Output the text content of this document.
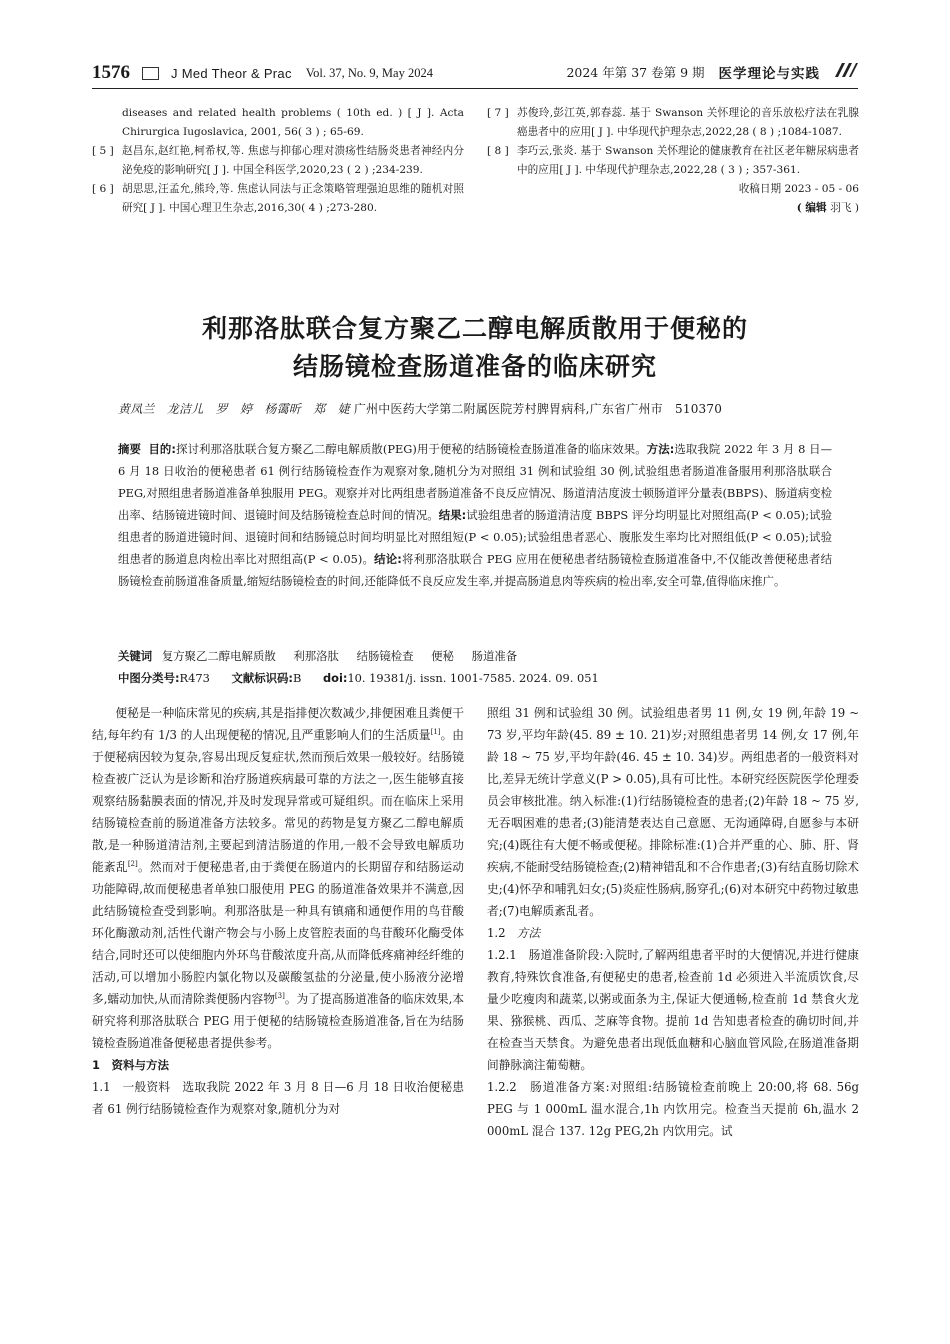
1576	J Med Theor & Prac Vol. 37, No. 9, May 2024	2024 年第 37 卷第 9 期 医学理论与实践
diseases and related health problems ( 10th ed. ) [ J ]. Acta Chirurgica Iugoslavica, 2001, 56( 3 ) ; 65-69.
[ 5 ] 赵昌东,赵红艳,柯希权,等. 焦虑与抑郁心理对溃疡性结肠炎患者神经内分泌免疫的影响研究[ J ]. 中国全科医学,2020,23 ( 2 ) ;234-239.
[ 6 ] 胡思思,汪孟允,熊玲,等. 焦虑认同法与正念策略管理强迫思维的随机对照研究[ J ]. 中国心理卫生杂志,2016,30( 4 ) ;273-280.
[ 7 ] 苏俊玲,彭江英,郭春蕊. 基于 Swanson 关怀理论的音乐放松疗法在乳腺癌患者中的应用[ J ]. 中华现代护理杂志,2022,28 ( 8 ) ;1084-1087.
[ 8 ] 李巧云,张炎. 基于 Swanson 关怀理论的健康教育在社区老年糖尿病患者中的应用[ J ]. 中华现代护理杂志,2022,28 ( 3 ) ; 357-361.
收稿日期 2023 - 05 - 06
( 编辑 羽飞 )
利那洛肽联合复方聚乙二醇电解质散用于便秘的
结肠镜检查肠道准备的临床研究
黄凤兰　龙洁儿　罗　婷　杨霭昕　郑　婕 广州中医药大学第二附属医院芳村脾胃病科,广东省广州市　510370
摘要 目的:探讨利那洛肽联合复方聚乙二醇电解质散(PEG)用于便秘的结肠镜检查肠道准备的临床效果。方法:选取我院 2022 年 3 月 8 日—6 月 18 日收治的便秘患者 61 例行结肠镜检查作为观察对象,随机分为对照组 31 例和试验组 30 例,试验组患者肠道准备服用利那洛肽联合 PEG,对照组患者肠道准备单独服用 PEG。观察并对比两组患者肠道准备不良反应情况、肠道清洁度波士顿肠道评分量表(BBPS)、肠道病变检出率、结肠镜进镜时间、退镜时间及结肠镜检查总时间的情况。结果:试验组患者的肠道清洁度 BBPS 评分均明显比对照组高(P < 0.05);试验组患者的肠道进镜时间、退镜时间和结肠镜总时间均明显比对照组短(P < 0.05);试验组患者恶心、腹胀发生率均比对照组低(P < 0.05);试验组患者的肠道息肉检出率比对照组高(P < 0.05)。结论:将利那洛肽联合 PEG 应用在便秘患者结肠镜检查肠道准备中,不仅能改善便秘患者结肠镜检查前肠道准备质量,缩短结肠镜检查的时间,还能降低不良反应发生率,并提高肠道息肉等疾病的检出率,安全可靠,值得临床推广。
关键词 复方聚乙二醇电解质散 利那洛肽 结肠镜检查 便秘 肠道准备
中图分类号:R473 文献标识码:B doi:10. 19381/j. issn. 1001-7585. 2024. 09. 051

便秘是一种临床常见的疾病,其是指排便次数减少,排便困难且粪便干结,每年约有 1/3 的人出现便秘的情况,且严重影响人们的生活质量[1]。由于便秘病因较为复杂,容易出现反复症状,然而预后效果一般较好。结肠镜检查被广泛认为是诊断和治疗肠道疾病最可靠的方法之一,医生能够直接观察结肠黏膜表面的情况,并及时发现异常或可疑组织。而在临床上采用结肠镜检查前的肠道准备方法较多。常见的药物是复方聚乙二醇电解质散,是一种肠道清洁剂,主要起到清洁肠道的作用,一般不会导致电解质功能紊乱[2]。然而对于便秘患者,由于粪便在肠道内的长期留存和结肠运动功能障碍,故而便秘患者单独口服使用 PEG 的肠道准备效果并不满意,因此结肠镜检查受到影响。利那洛肽是一种具有镇痛和通便作用的鸟苷酸环化酶激动剂,活性代谢产物会与小肠上皮管腔表面的鸟苷酸环化酶受体结合,同时还可以使细胞内外环鸟苷酸浓度升高,从而降低疼痛神经纤维的活动,可以增加小肠腔内氯化物以及碳酸氢盐的分泌量,使小肠液分泌增多,蠕动加快,从而清除粪便肠内容物[3]。为了提高肠道准备的临床效果,本研究将利那洛肽联合 PEG 用于便秘的结肠镜检查肠道准备,旨在为结肠镜检查肠道准备便秘患者提供参考。

1　资料与方法

1.1 一般资料 选取我院 2022 年 3 月 8 日—6 月 18 日收治便秘患者 61 例行结肠镜检查作为观察对象,随机分为对

照组 31 例和试验组 30 例。试验组患者男 11 例,女 19 例,年龄 19 ~ 73 岁,平均年龄(45. 89 ± 10. 21)岁;对照组患者男 14 例,女 17 例,年龄 18 ~ 75 岁,平均年龄(46. 45 ± 10. 34)岁。两组患者的一般资料对比,差异无统计学意义(P > 0.05),具有可比性。本研究经医院医学伦理委员会审核批准。纳入标准:(1)行结肠镜检查的患者;(2)年龄 18 ~ 75 岁,无吞咽困难的患者;(3)能清楚表达自己意愿、无沟通障碍,自愿参与本研究;(4)既往有大便不畅或便秘。排除标准:(1)合并严重的心、肺、肝、肾疾病,不能耐受结肠镜检查;(2)精神错乱和不合作患者;(3)有结直肠切除术史;(4)怀孕和哺乳妇女;(5)炎症性肠病,肠穿孔;(6)对本研究中药物过敏患者;(7)电解质紊乱者。

1.2 方法

1.2.1　肠道准备阶段:入院时,了解两组患者平时的大便情况,并进行健康教育,特殊饮食准备,有便秘史的患者,检查前 1d 必须进入半流质饮食,尽量少吃瘦肉和蔬菜,以粥或面条为主,保证大便通畅,检查前 1d 禁食火龙果、猕猴桃、西瓜、芝麻等食物。提前 1d 告知患者检查的确切时间,并在检查当天禁食。为避免患者出现低血糖和心脑血管风险,在肠道准备期间静脉滴注葡萄糖。

1.2.2　肠道准备方案:对照组:结肠镜检查前晚上 20:00,将 68. 56g PEG 与 1 000mL 温水混合,1h 内饮用完。检查当天提前 6h,温水 2 000mL 混合 137. 12g PEG,2h 内饮用完。试
